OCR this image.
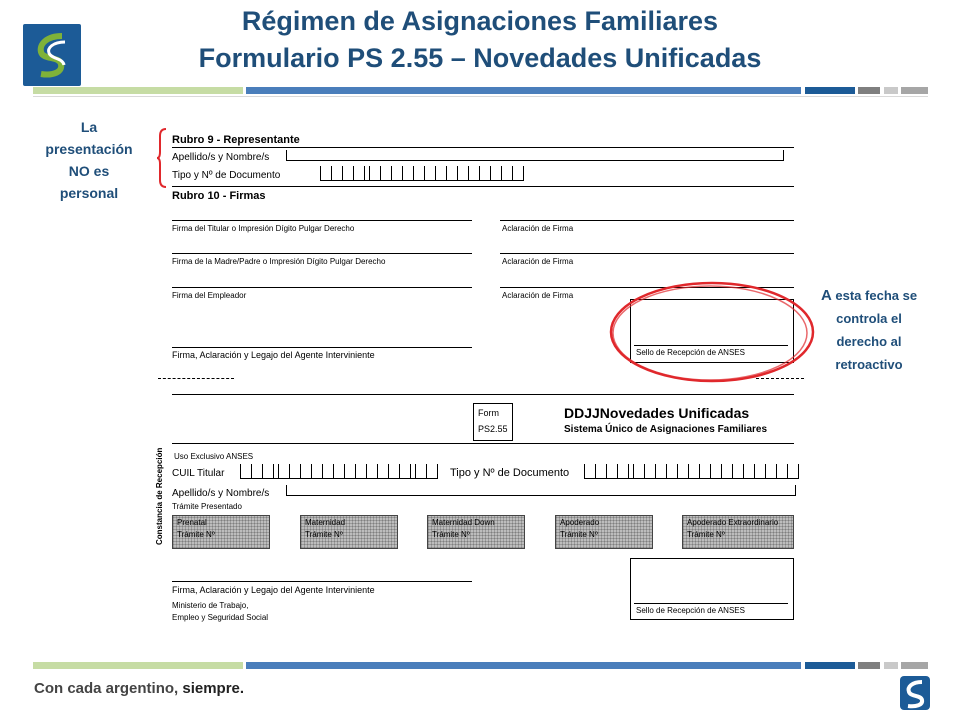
Régimen de Asignaciones Familiares
Formulario PS 2.55 – Novedades Unificadas
La
presentación
NO es
personal
A esta fecha se
controla el
derecho al
retroactivo
Rubro 9 - Representante
Apellido/s y Nombre/s
Tipo y Nº de Documento
Rubro 10 - Firmas
Firma del Titular o Impresión Dígito Pulgar Derecho	Aclaración de Firma
Firma de la Madre/Padre o Impresión Dígito Pulgar Derecho	Aclaración de Firma
Firma del Empleador	Aclaración de Firma
Firma, Aclaración y Legajo del Agente Interviniente	Sello de Recepción de ANSES
Form
PS2.55
DDJJNovedades Unificadas
Sistema Único de Asignaciones Familiares
Constancia de Recepción Uso Exclusivo ANSES
CUIL Titular	Tipo y Nº de Documento
Apellido/s y Nombre/s
Trámite Presentado
Prenatal
Trámite Nº
Maternidad
Trámite Nº
Maternidad Down
Trámite Nº
Apoderado
Trámite Nº
Apoderado Extraordinario
Trámite Nº
Sello de Recepción de ANSES
Firma, Aclaración y Legajo del Agente Interviniente
Ministerio de Trabajo,
Empleo y Seguridad Social
Con cada argentino, siempre.
